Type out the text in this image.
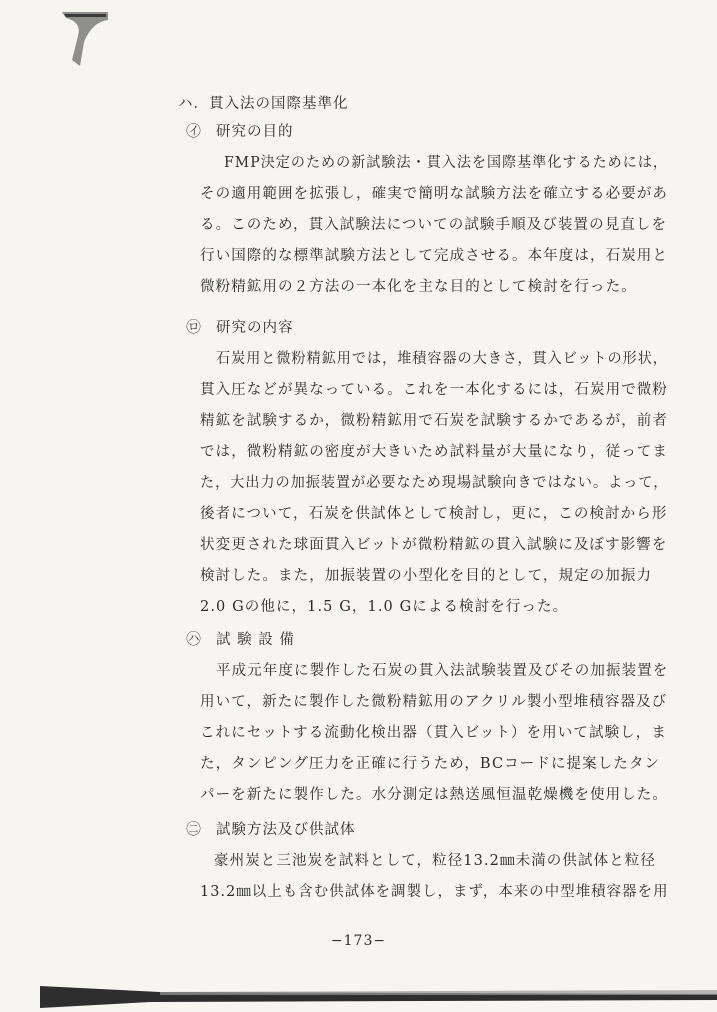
ハ．貫入法の国際基準化
㋑ 研究の目的
FMP決定のための新試験法・貫入法を国際基準化するためには，
その適用範囲を拡張し，確実で簡明な試験方法を確立する必要があ
る。このため，貫入試験法についての試験手順及び装置の見直しを
行い国際的な標準試験方法として完成させる。本年度は，石炭用と
微粉精鉱用の２方法の一本化を主な目的として検討を行った。
㋺ 研究の内容
石炭用と微粉精鉱用では，堆積容器の大きさ，貫入ビットの形状，
貫入圧などが異なっている。これを一本化するには，石炭用で微粉
精鉱を試験するか，微粉精鉱用で石炭を試験するかであるが，前者
では，微粉精鉱の密度が大きいため試料量が大量になり，従ってま
た，大出力の加振装置が必要なため現場試験向きではない。よって，
後者について，石炭を供試体として検討し，更に，この検討から形
状変更された球面貫入ビットが微粉精鉱の貫入試験に及ぼす影響を
検討した。また，加振装置の小型化を目的として，規定の加振力
2.0 Gの他に，1.5 G，1.0 Gによる検討を行った。
㋩ 試 験 設 備
平成元年度に製作した石炭の貫入法試験装置及びその加振装置を
用いて，新たに製作した微粉精鉱用のアクリル製小型堆積容器及び
これにセットする流動化検出器（貫入ビット）を用いて試験し，ま
た，タンピング圧力を正確に行うため，BCコードに提案したタン
パーを新たに製作した。水分測定は熱送風恒温乾燥機を使用した。
㊁ 試験方法及び供試体
豪州炭と三池炭を試料として，粒径13.2㎜未満の供試体と粒径
13.2㎜以上も含む供試体を調製し，まず，本来の中型堆積容器を用
−173−
